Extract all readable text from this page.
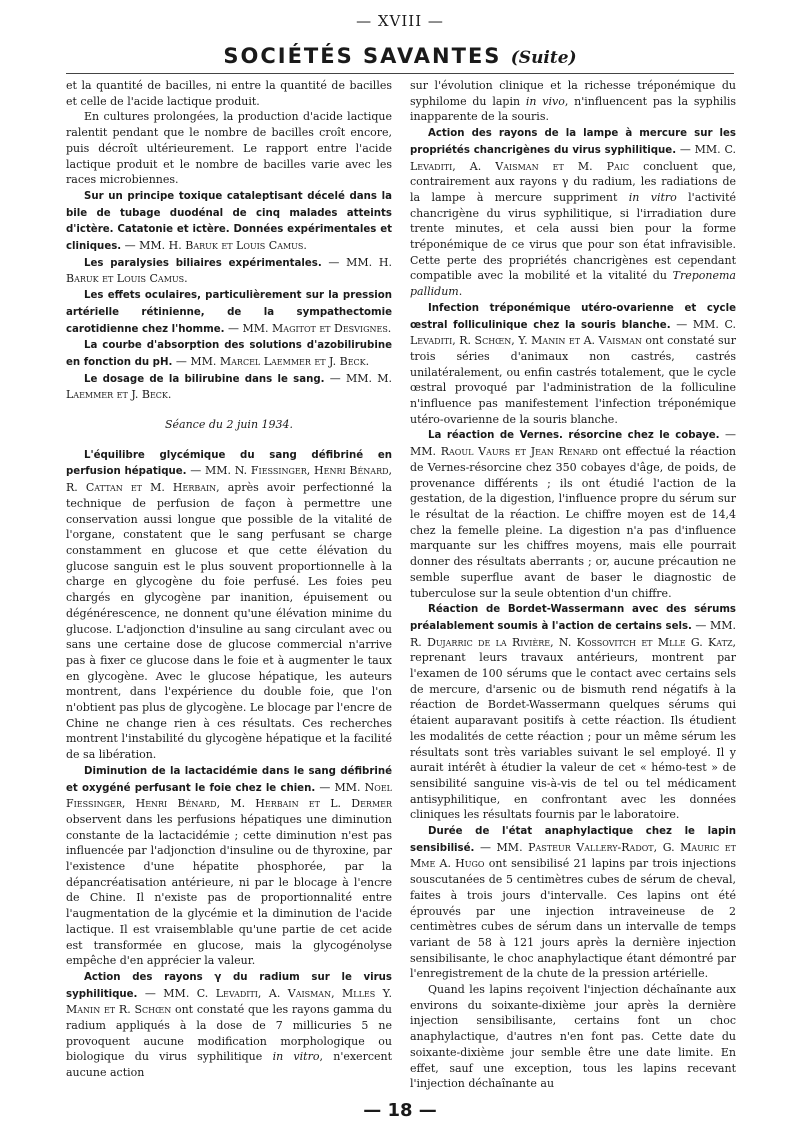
— XVIII —
SOCIÉTÉS SAVANTES (Suite)

et la quantité de bacilles, ni entre la quantité de bacilles et celle de l'acide lactique produit.

En cultures prolongées, la production d'acide lactique ralentit pendant que le nombre de bacilles croît encore, puis décroît ultérieurement. Le rapport entre l'acide lactique produit et le nombre de bacilles varie avec les races microbiennes.

Sur un principe toxique cataleptisant décelé dans la bile de tubage duodénal de cinq malades atteints d'ictère. Catatonie et ictère. Données expérimentales et cliniques. — MM. H. Baruk et Louis Camus.

Les paralysies biliaires expérimentales. — MM. H. Baruk et Louis Camus.

Les effets oculaires, particulièrement sur la pression artérielle rétinienne, de la sympathectomie carotidienne chez l'homme. — MM. Magitot et Desvignes.

La courbe d'absorption des solutions d'azobilirubine en fonction du pH. — MM. Marcel Laemmer et J. Beck.

Le dosage de la bilirubine dans le sang. — MM. M. Laemmer et J. Beck.

Séance du 2 juin 1934.

L'équilibre glycémique du sang défibriné en perfusion hépatique. — MM. N. Fiessinger, Henri Bénard, R. Cattan et M. Herbain, après avoir perfectionné la technique de perfusion de façon à permettre une conservation aussi longue que possible de la vitalité de l'organe, constatent que le sang perfusant se charge constamment en glucose et que cette élévation du glucose sanguin est le plus souvent proportionnelle à la charge en glycogène du foie perfusé. Les foies peu chargés en glycogène par inanition, épuisement ou dégénérescence, ne donnent qu'une élévation minime du glucose. L'adjonction d'insuline au sang circulant avec ou sans une certaine dose de glucose commercial n'arrive pas à fixer ce glucose dans le foie et à augmenter le taux en glycogène. Avec le glucose hépatique, les auteurs montrent, dans l'expérience du double foie, que l'on n'obtient pas plus de glycogène. Le blocage par l'encre de Chine ne change rien à ces résultats. Ces recherches montrent l'instabilité du glycogène hépatique et la facilité de sa libération.

Diminution de la lactacidémie dans le sang défibriné et oxygéné perfusant le foie chez le chien. — MM. Noel Fiessinger, Henri Bénard, M. Herbain et L. Dermer observent dans les perfusions hépatiques une diminution constante de la lactacidémie ; cette diminution n'est pas influencée par l'adjonction d'insuline ou de thyroxine, par l'existence d'une hépatite phosphorée, par la dépancréatisation antérieure, ni par le blocage à l'encre de Chine. Il n'existe pas de proportionnalité entre l'augmentation de la glycémie et la diminution de l'acide lactique. Il est vraisemblable qu'une partie de cet acide est transformée en glucose, mais la glycogénolyse empêche d'en apprécier la valeur.

Action des rayons γ du radium sur le virus syphilitique. — MM. C. Levaditi, A. Vaisman, Mlles Y. Manin et R. Schœn ont constaté que les rayons gamma du radium appliqués à la dose de 7 millicuries 5 ne provoquent aucune modification morphologique ou biologique du virus syphilitique in vitro, n'exercent aucune action

sur l'évolution clinique et la richesse tréponémique du syphilome du lapin in vivo, n'influencent pas la syphilis inapparente de la souris.

Action des rayons de la lampe à mercure sur les propriétés chancrigènes du virus syphilitique. — MM. C. Levaditi, A. Vaisman et M. Paic concluent que, contrairement aux rayons γ du radium, les radiations de la lampe à mercure suppriment in vitro l'activité chancrigène du virus syphilitique, si l'irradiation dure trente minutes, et cela aussi bien pour la forme tréponémique de ce virus que pour son état infravisible. Cette perte des propriétés chancrigènes est cependant compatible avec la mobilité et la vitalité du Treponema pallidum.

Infection tréponémique utéro-ovarienne et cycle œstral folliculinique chez la souris blanche. — MM. C. Levaditi, R. Schœn, Y. Manin et A. Vaisman ont constaté sur trois séries d'animaux non castrés, castrés unilatéralement, ou enfin castrés totalement, que le cycle œstral provoqué par l'administration de la folliculine n'influence pas manifestement l'infection tréponémique utéro-ovarienne de la souris blanche.

La réaction de Vernes. résorcine chez le cobaye. — MM. Raoul Vaurs et Jean Renard ont effectué la réaction de Vernes-résorcine chez 350 cobayes d'âge, de poids, de provenance différents ; ils ont étudié l'action de la gestation, de la digestion, l'influence propre du sérum sur le résultat de la réaction. Le chiffre moyen est de 14,4 chez la femelle pleine. La digestion n'a pas d'influence marquante sur les chiffres moyens, mais elle pourrait donner des résultats aberrants ; or, aucune précaution ne semble superflue avant de baser le diagnostic de tuberculose sur la seule obtention d'un chiffre.

Réaction de Bordet-Wassermann avec des sérums préalablement soumis à l'action de certains sels. — MM. R. Dujarric de la Rivière, N. Kossovitch et Mlle G. Katz, reprenant leurs travaux antérieurs, montrent par l'examen de 100 sérums que le contact avec certains sels de mercure, d'arsenic ou de bismuth rend négatifs à la réaction de Bordet-Wassermann quelques sérums qui étaient auparavant positifs à cette réaction. Ils étudient les modalités de cette réaction ; pour un même sérum les résultats sont très variables suivant le sel employé. Il y aurait intérêt à étudier la valeur de cet « hémo-test » de sensibilité sanguine vis-à-vis de tel ou tel médicament antisyphilitique, en confrontant avec les données cliniques les résultats fournis par le laboratoire.

Durée de l'état anaphylactique chez le lapin sensibilisé. — MM. Pasteur Vallery-Radot, G. Mauric et Mme A. Hugo ont sensibilisé 21 lapins par trois injections souscutanées de 5 centimètres cubes de sérum de cheval, faites à trois jours d'intervalle. Ces lapins ont été éprouvés par une injection intraveineuse de 2 centimètres cubes de sérum dans un intervalle de temps variant de 58 à 121 jours après la dernière injection sensibilisante, le choc anaphylactique étant démontré par l'enregistrement de la chute de la pression artérielle.

Quand les lapins reçoivent l'injection déchaînante aux environs du soixante-dixième jour après la dernière injection sensibilisante, certains font un choc anaphylactique, d'autres n'en font pas. Cette date du soixante-dixième jour semble être une date limite. En effet, sauf une exception, tous les lapins recevant l'injection déchaînante au

— 18 —
